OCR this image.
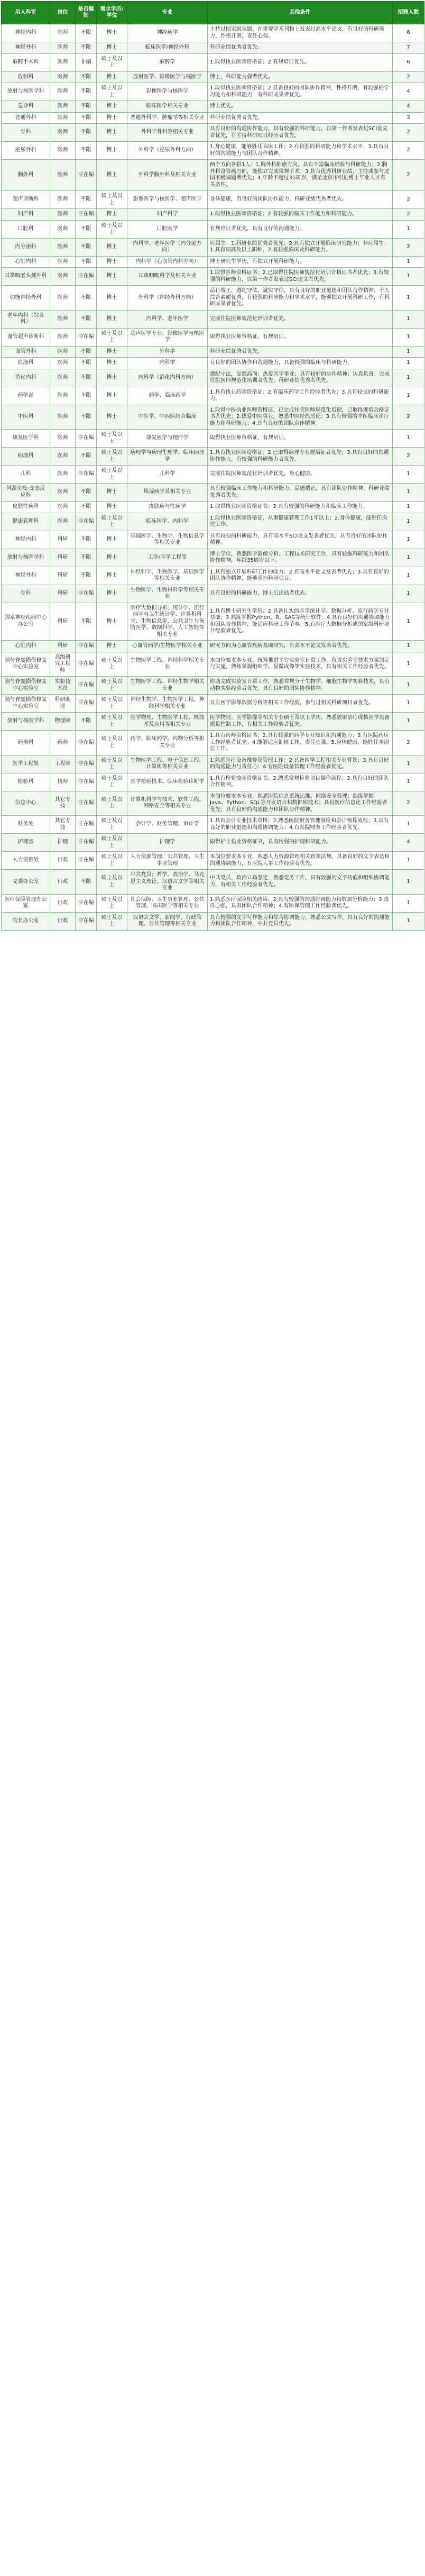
用人科室	岗位	是否编制	需求学历/学位	专业	其他条件	招聘人数
神经内科	医师	不限	博士	神经病学	主持过国家级课题，在重要学术刊物上发表过高水平论文，有良好的科研能力，性格开朗，责任心强。	6
神经外科	医师	不限	博士	临床医学/神经外科	科研业绩优秀者优先。	7
麻醉手术科	医师	非编	硕士及以上	麻醉学	1.取得执业医师资格证；2.有规培证优先。	6
放射科	医师	不限	博士	放射医学、影像医学与核医学	博士，科研能力强者优先。	2
放射与核医学科	医师	不限	硕士及以上	影像医学与核医学	1.取得执业医师资格证；2.具备良好的团队协作精神，性格开朗，有较强的学习能力和科研能力，有科研成果者优先。	4
急诊科	医师	不限	博士	临床医学相关专业	博士优先。	4
普通外科	医师	不限	博士	普通外科学、肿瘤学等相关专业	科研业绩优秀者优先。	3
骨科	医师	不限	博士	外科学骨科等相关专业	具有良好的沟通协作能力，具有较强的科研能力，以第一作者发表过SCI论文者优先，有主持科研项目经历者优先。	2
泌尿外科	医师	不限	博士	外科学（泌尿外科方向）	1.身心健康，能够胜任临床工作；2.有较强的科研能力和学术水平；3.具有良好的沟通能力与团队合作精神。	2
胸外科	医师	非在编	博士	外科学胸外科及相关专业	两个方向各招1人：1.胸外科肺癌方向，具有丰富临床经验与科研能力；2.胸外科食管癌方向，能独立完成常规手术；3.具有优秀科研业绩，主持或参与过国家级课题者优先；4.年龄不超过35周岁，满足北京市引进博士毕业人才有关条件。	2
超声诊断科	医师	不限	硕士及以上	影像医学与核医学、超声医学	身体健康，有良好的团队协作能力，科研业绩优秀者优先。	2
妇产科	医师	非在编	博士	妇产科学	1.取得执业医师资格证；2.有较强的临床工作能力和科研能力。	2
口腔科	医师	不限	硕士及以上	口腔医学	有规培证者优先，具有良好的沟通能力。	1
内分泌科	医师	不限	博士	内科学、老年医学（内分泌方向）	应届生：1.科研业绩优秀者优先；2.具有独立开展临床研究能力；非应届生：1.具有副高及以上职称，2.有较强临床及科研能力。	2
心脏内科	医师	不限	博士	内科学（心血管内科方向）	博士研究生学历，有独立开展科研能力。	1
耳鼻咽喉头颈外科	医师	非在编	博士	耳鼻咽喉科学及相关专业	1.取得医师资格证书；2.已取得住院医师规范化培训合格证书者优先；3.有较强的科研能力，以第一作者发表过SCI论文者优先。	1
功能神经外科	医师	不限	博士	外科学（神经外科方向）	品行端正，遵纪守法，诚实守信，具有良好的职业道德和团队合作精神，个人综合素质优秀，有较强的科研能力和学术水平，能够独立开展科研工作，有科研成果者优先。	1
老年内科（综合科）	医师	不限	博士	内科学、老年医学	完成住院医师规范化培训者优先。	1
血管超声诊断科	医师	非在编	硕士及以上	超声医学专业、影像医学与核医学	取得执业医师资格证，有规培证。	1
血管外科	医师	不限	博士	外科学	科研业绩优秀者优先。	1
血液科	医师	不限	博士	内科学	有良好的团队协作和沟通能力，具备较强的临床与科研能力。	1
消化内科	医师	不限	博士	内科学（消化内科方向）	遵纪守法，品德高尚；热爱医学事业；具有较好的协作精神；认真负责；完成住院医师规范化培训者优先，科研业绩优秀者优先。	1
药学部	医师	不限	博士	药学、临床药学	1.具有执业药师资格证；2.有临床药学工作经验者优先；3.具有较强的科研能力。	1
中医科	医师	不限	博士	中医学、中西医结合临床	1.取得中医执业医师资格证，已完成住院医师规范化培训，已取得规培合格证书者优先；2.热爱中医事业，熟悉中医经典理论；3.具有较强的中医临床诊疗能力和科研能力；4.具有良好的团队合作精神。	2
康复医学科	医师	非在编	硕士及以上	康复医学与理疗学	取得执业医师资格证，有规培证。	1
病理科	医师	不限	硕士及以上	病理学与病理生理学、临床病理学	1.具有执业医师资格证；2.已取得病理专业规培证者优先；3.具有良好的沟通协作能力，有较强的科研能力者优先。	2
儿科	医师	非在编	硕士及以上	儿科学	完成住院医师规范化培训者优先，身心健康。	1
风湿免疫·变态反应科	医师	不限	博士	风湿病学及相关专业	具有较强临床工作能力和科研能力，品德端正，具有团队协作精神，科研业绩优秀者优先。	1
皮肤性病科	医师	不限	博士	皮肤病与性病学	1.取得执业医师资格证书；2.具有较强的科研能力和临床工作能力。	1
健康管理科	医师	非在编	硕士及以上	临床医学、内科学	1.取得执业医师资格证，从事健康管理工作1年以上；2.身体健康，能胜任岗位工作。	1
神经内科	科研	不限	博士	基础医学、生物学、生物信息学等相关专业	具有较强的科研能力，具有高水平SCI论文发表者优先；具有良好的团队协作精神。	1
放射与核医学科	科研	不限	博士	工学/医学工程等	博士学位，熟悉医学影像分析、工程技术研究工作，具有较强科研能力和团队协作精神，年龄35周岁以下。	1
神经外科	科研	不限	博士	神经科学、生物医学、基础医学等相关专业	1.具有独立开展科研工作的能力；2.有高水平论文发表者优先；3.具有良好的团队协作精神，能够承担科研项目。	1
骨科	科研	非在编	博士	生物医学、生物材料学等相关专业	具有良好的科研能力，博士后出站者优先。	1
国家神经疾病中心办公室	科研	不限	博士	医疗大数据分析、统计学、流行病学与卫生统计学、计算机科学、生物信息学、公共卫生与预防医学、数据科学、人工智能等相关专业	1.具有博士研究生学历；2.具备扎实的医学统计学、数据分析、流行病学专业基础；3.熟练掌握Python、R、SAS等统计软件；4.具有良好的沟通协调能力和团队合作精神，能适应科研工作节奏；5.有医疗大数据分析或国家级科研项目经验者优先。	1
心脏内科	科研	非在编	博士	心血管病学/生物医学相关专业	研究方向为心血管疾病基础研究，有高水平论文发表者优先。	1
脑与脊髓损伤修复中心实验室	高级研究工程师	非在编	硕士及以上	生物医学工程、神经科学相关专业	本岗位要求本专业，统筹推进平台实验室日常工作，负责实验室技术方案制定与实施，熟练掌握组织学、显微成像等实验技术，具有相关工作经验者优先。	1
脑与脊髓损伤修复中心实验室	实验技术员	非在编	硕士及以上	生物医学工程、神经生物学相关专业	协助完成实验室日常工作，熟悉常规分子生物学、细胞生物学实验技术，具有动物实验经验者优先，具有良好的团队协作精神。	1
脑与脊髓损伤修复中心实验室	科研助理	非在编	硕士及以上	神经生物学、生物医学工程、神经科学相关专业	具有医学影像数据分析等相关工作经验，参与过相关科研项目者优先。	1
放射与核医学科	物理师	不限	硕士及以上	医学物理、生物医学工程、核技术及应用等相关专业	医学物理、医学影像等相关专业硕士及以上学历，熟悉放射治疗或核医学设备质量控制工作，有相关工作经验者优先。	1
药剂科	药师	非在编	硕士及以上	药学、临床药学、药物分析等相关专业	1.具有药师资格证书；2.具有较强的药学专业知识和沟通能力；3.有医院药房工作经验者优先；4.能够适应倒班工作，责任心强；5.身体健康，能胜任本岗位工作。	2
医学工程处	工程师	非在编	硕士及以上	生物医学工程、电子信息工程、计算机等相关专业	1.熟悉医疗设备维修及管理工作；2.具备医学工程相关专业背景；3.具有良好的沟通能力与责任心；4.有医院设备管理工作经验者优先。	1
检验科	技师	非在编	硕士及以上	医学检验技术、临床检验诊断学	1.具有检验技师资格证书；2.熟悉常规检验项目操作流程；3.具有良好的团队合作精神。	1
信息中心	其它专技	非在编	硕士及以上	计算机科学与技术、软件工程、网络安全等相关专业	本岗位要求本专业，熟悉医院信息系统运维、网络安全管理；熟练掌握Java、Python、SQL等开发语言和数据库技术；具有医疗信息化工作经验者优先；具有良好的沟通能力和团队协作精神。	2
财务处	其它专技	非在编	硕士及以上	会计学、财务管理、审计学	1.具有会计专业技术资格；2.熟悉医院财务管理制度和会计核算流程；3.具有良好的职业道德和沟通协调能力；4.有医院财务工作经验者优先。	1
护理部	护理	非在编	硕士及以上	护理学	取得护士执业资格证书，具有较强的护理科研能力。	4
人力资源处	行政	非在编	硕士及以上	人力资源管理、公共管理、卫生事业管理	本岗位要求本专业，熟悉人力资源管理相关政策法规，具备良好的文字表达和沟通协调能力，有医院人事工作经验者优先。	1
党委办公室	行政	不限	硕士及以上	中共党员；哲学、政治学、马克思主义理论、汉语言文学等相关专业	中共党员，政治立场坚定，熟悉党务工作，具有较强的文字功底和组织协调能力，有相关工作经验者优先。	1
医疗保险管理办公室	行政	非在编	硕士及以上	社会保障、卫生事业管理、公共管理、临床医学等相关专业	1.熟悉医疗保险相关政策；2.具有较强的沟通协调能力和数据分析能力；3.责任心强，具有团队合作精神；4.有医保管理工作经验者优先。	1
院长办公室	行政	非在编	硕士及以上	汉语言文学、新闻学、行政管理、公共管理等相关专业	具有较强的文字写作能力和综合协调能力，熟悉公文写作，具有良好的沟通能力和团队合作精神，中共党员优先。	1
